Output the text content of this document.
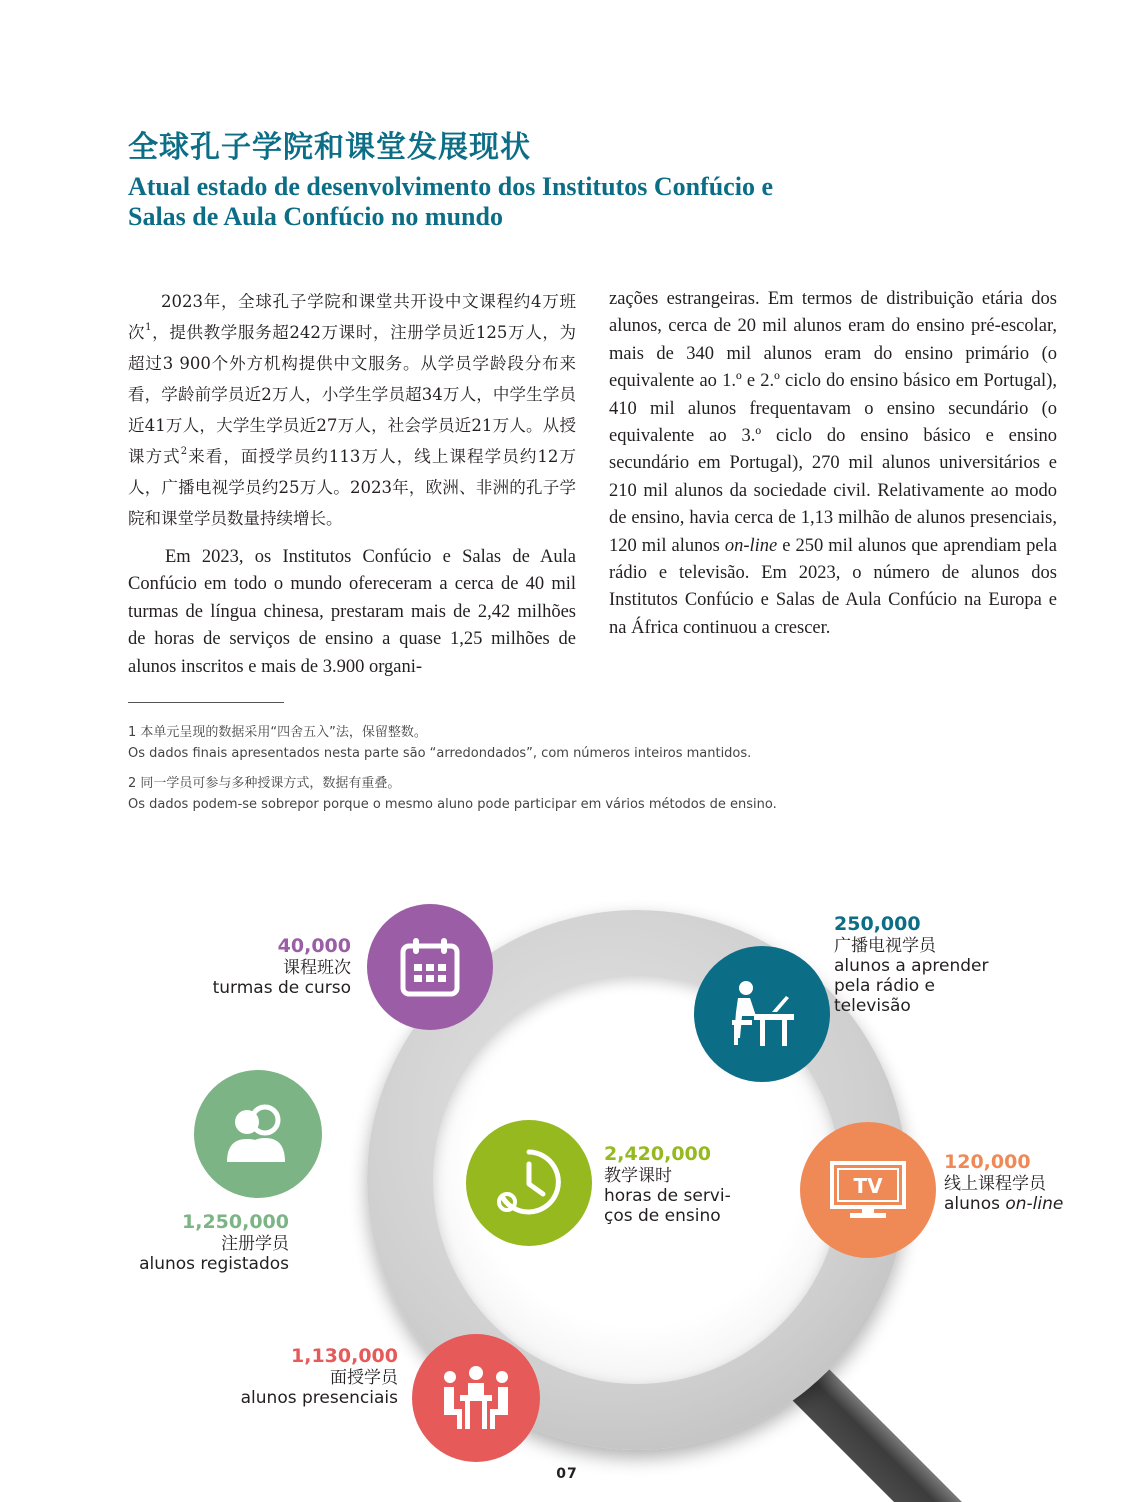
全球孔子学院和课堂发展现状
Atual estado de desenvolvimento dos Institutos Confúcio e
Salas de Aula Confúcio no mundo

2023年，全球孔子学院和课堂共开设中文课程约4万班次$^1$，提供教学服务超242万课时，注册学员近125万人，为超过3 900个外方机构提供中文服务。从学员学龄段分布来看，学龄前学员近2万人，小学生学员超34万人，中学生学员近41万人，大学生学员近27万人，社会学员近21万人。从授课方式$^2$来看，面授学员约113万人，线上课程学员约12万人，广播电视学员约25万人。2023年，欧洲、非洲的孔子学院和课堂学员数量持续增长。

Em 2023, os Institutos Confúcio e Salas de Aula Confúcio em todo o mundo ofereceram a cerca de 40 mil turmas de língua chinesa, prestaram mais de 2,42 milhões de horas de serviços de ensino a quase 1,25 milhões de alunos inscritos e mais de 3.900 organi-

zações estrangeiras. Em termos de distribuição etária dos alunos, cerca de 20 mil alunos eram do ensino pré-escolar, mais de 340 mil alunos eram do ensino primário (o equivalente ao 1.º e 2.º ciclo do ensino básico em Portugal), 410 mil alunos frequentavam o ensino secundário (o equivalente ao 3.º ciclo do ensino básico e ensino secundário em Portugal), 270 mil alunos universitários e 210 mil alunos da sociedade civil. Relativamente ao modo de ensino, havia cerca de 1,13 milhão de alunos presenciais, 120 mil alunos on-line e 250 mil alunos que aprendiam pela rádio e televisão. Em 2023, o número de alunos dos Institutos Confúcio e Salas de Aula Confúcio na Europa e na África continuou a crescer.

1 本单元呈现的数据采用“四舍五入”法，保留整数。
Os dados finais apresentados nesta parte são “arredondados”, com números inteiros mantidos.
2 同一学员可参与多种授课方式，数据有重叠。
Os dados podem-se sobrepor porque o mesmo aluno pode participar em vários métodos de ensino.
40,000
课程班次
turmas de curso
250,000
广播电视学员
alunos a aprender
pela rádio e
televisão
1,250,000
注册学员
alunos registados
2,420,000
教学课时
horas de servi-
ços de ensino
TV
120,000
线上课程学员
alunos on-line
1,130,000
面授学员
alunos presenciais
07
